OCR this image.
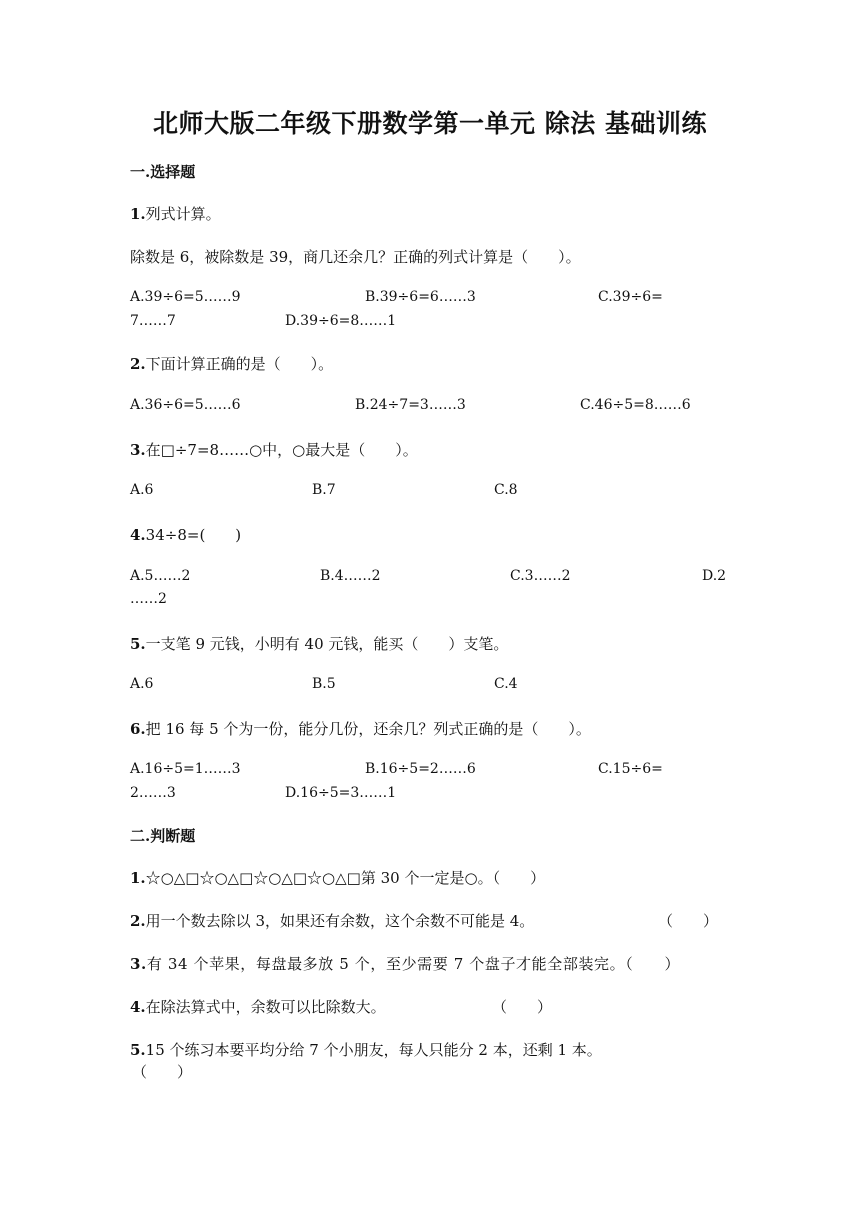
北师大版二年级下册数学第一单元 除法 基础训练
一.选择题
1.列式计算。
除数是 6，被除数是 39，商几还余几？正确的列式计算是（　　）。
A.39÷6=5……9	B.39÷6=6……3	C.39÷6=
7……7	D.39÷6=8……1
2.下面计算正确的是（　　）。
A.36÷6=5……6	B.24÷7=3……3	C.46÷5=8……6
3.在□÷7=8……○中，○最大是（　　）。
A.6	B.7	C.8
4.34÷8=(　　)
A.5……2	B.4……2	C.3……2	D.2
……2
5.一支笔 9 元钱，小明有 40 元钱，能买（　　）支笔。
A.6	B.5	C.4
6.把 16 每 5 个为一份，能分几份，还余几？列式正确的是（　　）。
A.16÷5=1……3	B.16÷5=2……6	C.15÷6=
2……3	D.16÷5=3……1
二.判断题
1.☆○△□☆○△□☆○△□☆○△□第 30 个一定是○。（　　）
2.用一个数去除以 3，如果还有余数，这个余数不可能是 4。	（　　）
3.有 34 个苹果，每盘最多放 5 个，至少需要 7 个盘子才能全部装完。（　　）
4.在除法算式中，余数可以比除数大。	（　　）
5.15 个练习本要平均分给 7 个小朋友，每人只能分 2 本，还剩 1 本。
（　　）
